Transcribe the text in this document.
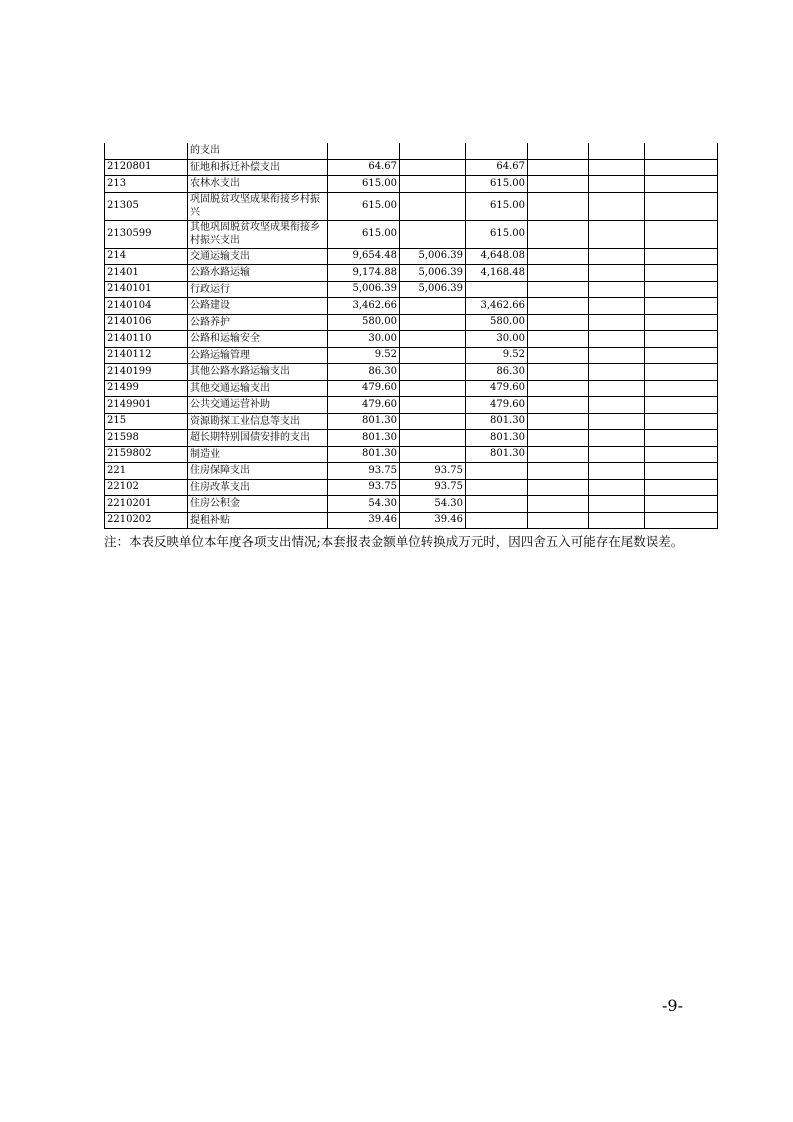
	的支出						
2120801	征地和拆迁补偿支出	64.67		64.67			
213	农林水支出	615.00		615.00			
21305	巩固脱贫攻坚成果衔接乡村振兴	615.00		615.00			
2130599	其他巩固脱贫攻坚成果衔接乡村振兴支出	615.00		615.00			
214	交通运输支出	9,654.48	5,006.39	4,648.08			
21401	公路水路运输	9,174.88	5,006.39	4,168.48			
2140101	行政运行	5,006.39	5,006.39				
2140104	公路建设	3,462.66		3,462.66			
2140106	公路养护	580.00		580.00			
2140110	公路和运输安全	30.00		30.00			
2140112	公路运输管理	9.52		9.52			
2140199	其他公路水路运输支出	86.30		86.30			
21499	其他交通运输支出	479.60		479.60			
2149901	公共交通运营补助	479.60		479.60			
215	资源勘探工业信息等支出	801.30		801.30			
21598	超长期特别国债安排的支出	801.30		801.30			
2159802	制造业	801.30		801.30			
221	住房保障支出	93.75	93.75				
22102	住房改革支出	93.75	93.75				
2210201	住房公积金	54.30	54.30				
2210202	提租补贴	39.46	39.46				
注：本表反映单位本年度各项支出情况;本套报表金额单位转换成万元时，因四舍五入可能存在尾数误差。
-9-
